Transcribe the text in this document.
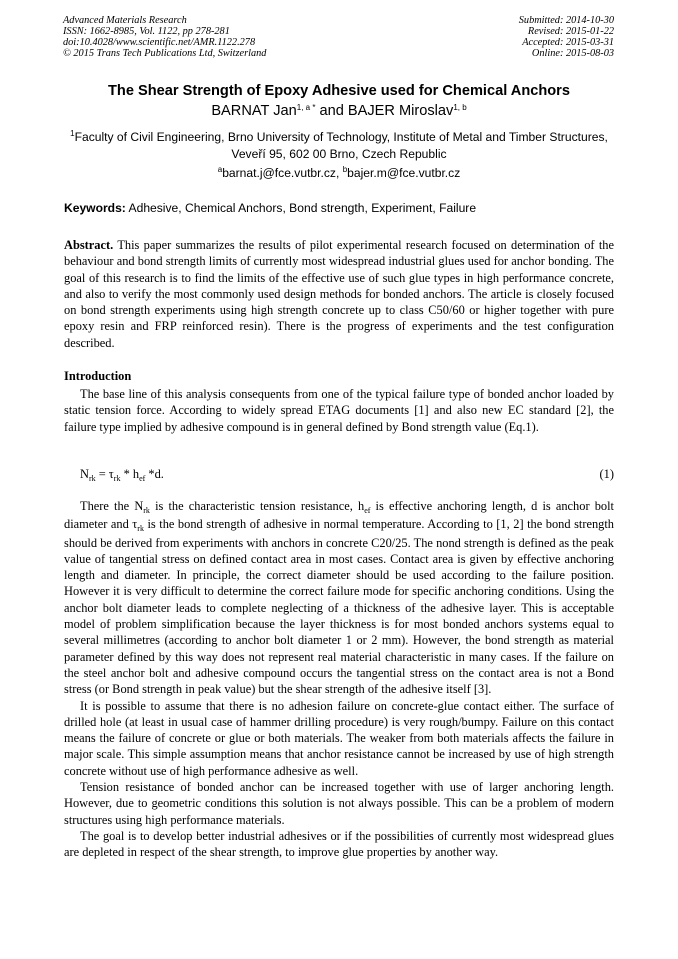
Advanced Materials Research
ISSN: 1662-8985, Vol. 1122, pp 278-281
doi:10.4028/www.scientific.net/AMR.1122.278
© 2015 Trans Tech Publications Ltd, Switzerland
Submitted: 2014-10-30
Revised: 2015-01-22
Accepted: 2015-03-31
Online: 2015-08-03
The Shear Strength of Epoxy Adhesive used for Chemical Anchors
BARNAT Jan$^{1, a *}$ and BAJER Miroslav$^{1, b}$
$^1$Faculty of Civil Engineering, Brno University of Technology, Institute of Metal and Timber Structures, Veveří 95, 602 00 Brno, Czech Republic
$^a$barnat.j@fce.vutbr.cz, $^b$bajer.m@fce.vutbr.cz
Keywords: Adhesive, Chemical Anchors, Bond strength, Experiment, Failure

Abstract. This paper summarizes the results of pilot experimental research focused on determination of the behaviour and bond strength limits of currently most widespread industrial glues used for anchor bonding. The goal of this research is to find the limits of the effective use of such glue types in high performance concrete, and also to verify the most commonly used design methods for bonded anchors. The article is closely focused on bond strength experiments using high strength concrete up to class C50/60 or higher together with pure epoxy resin and FRP reinforced resin). There is the progress of experiments and the test configuration described.

Introduction

The base line of this analysis consequents from one of the typical failure type of bonded anchor loaded by static tension force. According to widely spread ETAG documents [1] and also new EC standard [2], the failure type implied by adhesive compound is in general defined by Bond strength value (Eq.1).

$N_{rk} = \tau_{rk} * h_{ef}$ *d.	(1)

There the $N_{rk}$ is the characteristic tension resistance, $h_{ef}$ is effective anchoring length, d is anchor bolt diameter and $\tau_{rk}$ is the bond strength of adhesive in normal temperature. According to [1, 2] the bond strength should be derived from experiments with anchors in concrete C20/25. The nond strength is defined as the peak value of tangential stress on defined contact area in most cases. Contact area is given by effective anchoring length and diameter. In principle, the correct diameter should be used according to the failure position. However it is very difficult to determine the correct failure mode for specific anchoring conditions. Using the anchor bolt diameter leads to complete neglecting of a thickness of the adhesive layer. This is acceptable model of problem simplification because the layer thickness is for most bonded anchors systems equal to several millimetres (according to anchor bolt diameter 1 or 2 mm). However, the bond strength as material parameter defined by this way does not represent real material characteristic in many cases. If the failure on the steel anchor bolt and adhesive compound occurs the tangential stress on the contact area is not a Bond stress (or Bond strength in peak value) but the shear strength of the adhesive itself [3].

It is possible to assume that there is no adhesion failure on concrete-glue contact either. The surface of drilled hole (at least in usual case of hammer drilling procedure) is very rough/bumpy. Failure on this contact means the failure of concrete or glue or both materials. The weaker from both materials affects the failure in major scale. This simple assumption means that anchor resistance cannot be increased by use of high strength concrete without use of high performance adhesive as well.

Tension resistance of bonded anchor can be increased together with use of larger anchoring length. However, due to geometric conditions this solution is not always possible. This can be a problem of modern structures using high performance materials.

The goal is to develop better industrial adhesives or if the possibilities of currently most widespread glues are depleted in respect of the shear strength, to improve glue properties by another way.
